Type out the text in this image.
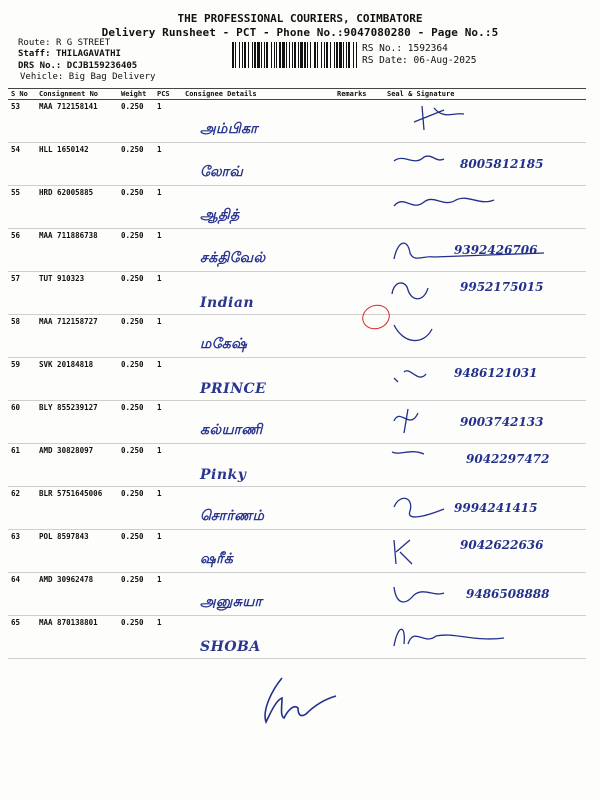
THE PROFESSIONAL COURIERS, COIMBATORE
Delivery Runsheet - PCT - Phone No.:9047080280 - Page No.:5
Route: R G STREET
Staff: THILAGAVATHI
DRS No.: DCJB159236405
Vehicle: Big Bag Delivery
RS No.: 1592364
RS Date: 06-Aug-2025
S No	Consignment No	Weight	PCS	Consignee Details	Remarks	Seal & Signature
53	MAA 712158141	0.250	1	அம்பிகா

54	HLL 1650142	0.250	1	லோவ்		8005812185

55	HRD 62005885	0.250	1	ஆதித்

56	MAA 711886738	0.250	1	சக்திவேல்		9392426706

57	TUT 910323	0.250	1	Indian		9952175015

58	MAA 712158727	0.250	1	மகேஷ்

59	SVK 20184818	0.250	1	PRINCE		9486121031

60	BLY 855239127	0.250	1	கல்யாணி		9003742133

61	AMD 30828097	0.250	1	Pinky		9042297472

62	BLR 5751645006	0.250	1	சொர்ணம்		9994241415

63	POL 8597843	0.250	1	ஷரீக்		9042622636

64	AMD 30962478	0.250	1	அனுசுயா		9486508888

65	MAA 870138801	0.250	1	SHOBA
